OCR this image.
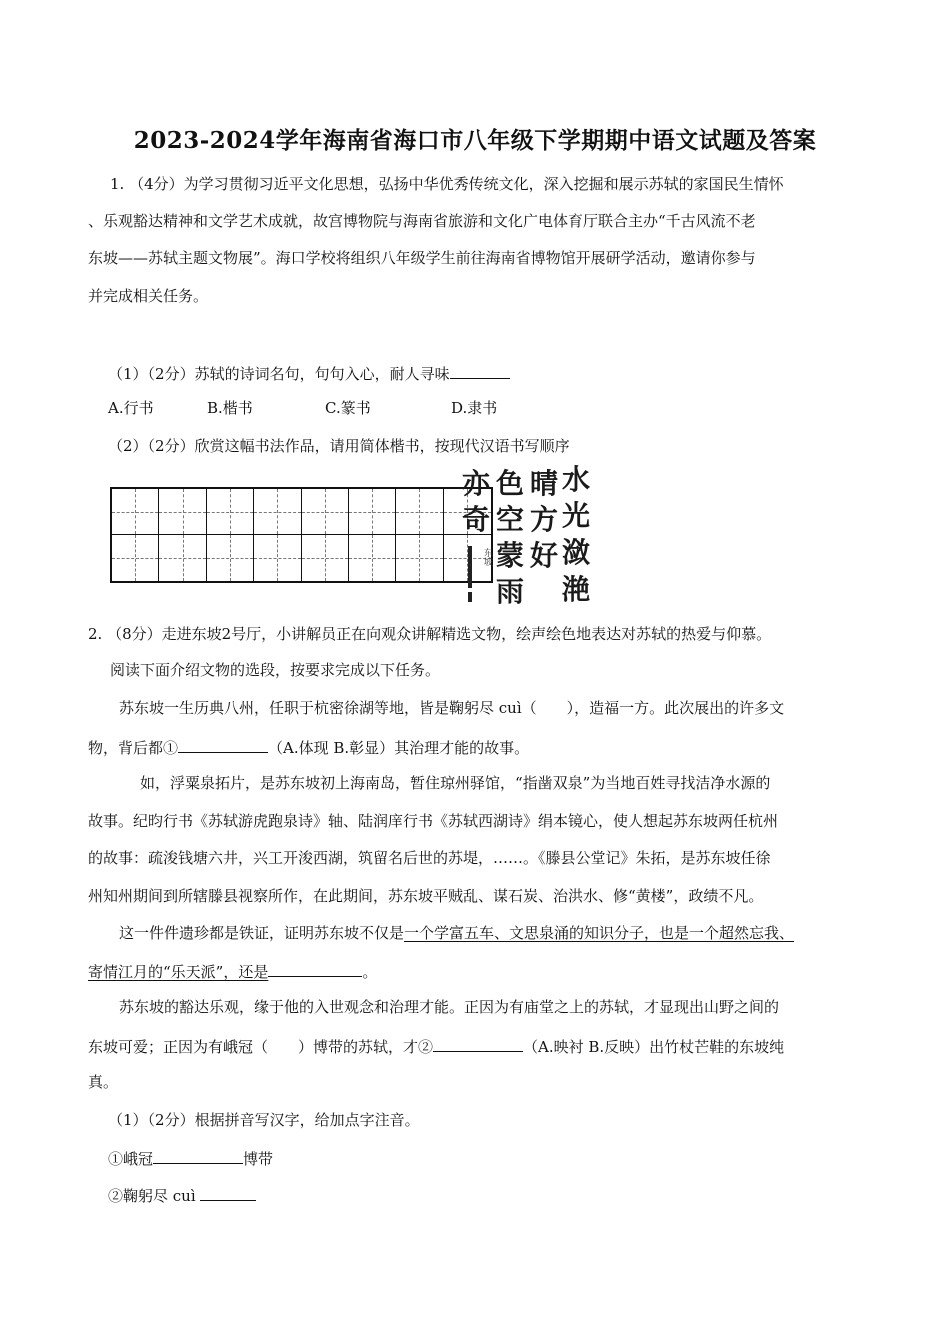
2023-2024学年海南省海口市八年级下学期期中语文试题及答案
1. （4分）为学习贯彻习近平文化思想，弘扬中华优秀传统文化，深入挖掘和展示苏轼的家国民生情怀
、乐观豁达精神和文学艺术成就，故宫博物院与海南省旅游和文化广电体育厅联合主办“千古风流不老
东坡——苏轼主题文物展”。海口学校将组织八年级学生前往海南省博物馆开展研学活动，邀请你参与
并完成相关任务。
（1）（2分）苏轼的诗词名句，句句入心，耐人寻味
A.行书	B.楷书	C.篆书	D.隶书
（2）（2分）欣赏这幅书法作品，请用简体楷书，按现代汉语书写顺序
水
光
潋
滟
晴
方
好
色
空
蒙
雨
亦
奇
东坡
2. （8分）走进东坡2号厅，小讲解员正在向观众讲解精选文物，绘声绘色地表达对苏轼的热爱与仰慕。
阅读下面介绍文物的选段，按要求完成以下任务。
苏东坡一生历典八州，任职于杭密徐湖等地，皆是鞠躬尽 cuì（　　），造福一方。此次展出的许多文
物，背后都①	（A.体现 B.彰显）其治理才能的故事。
如，浮粟泉拓片，是苏东坡初上海南岛，暂住琼州驿馆，“指凿双泉”为当地百姓寻找洁净水源的
故事。纪昀行书《苏轼游虎跑泉诗》轴、陆润庠行书《苏轼西湖诗》绢本镜心，使人想起苏东坡两任杭州
的故事：疏浚钱塘六井，兴工开浚西湖，筑留名后世的苏堤，……。《滕县公堂记》朱拓，是苏东坡任徐
州知州期间到所辖滕县视察所作，在此期间，苏东坡平贼乱、谋石炭、治洪水、修“黄楼”，政绩不凡。
这一件件遗珍都是铁证，证明苏东坡不仅是一个学富五车、文思泉涌的知识分子，也是一个超然忘我、
寄情江月的“乐天派”，还是	。
苏东坡的豁达乐观，缘于他的入世观念和治理才能。正因为有庙堂之上的苏轼，才显现出山野之间的
东坡可爱；正因为有峨冠（　　）博带的苏轼，才②	（A.映衬 B.反映）出竹杖芒鞋的东坡纯
真。
（1）（2分）根据拼音写汉字，给加点字注音。
①峨冠	博带
②鞠躬尽 cuì
